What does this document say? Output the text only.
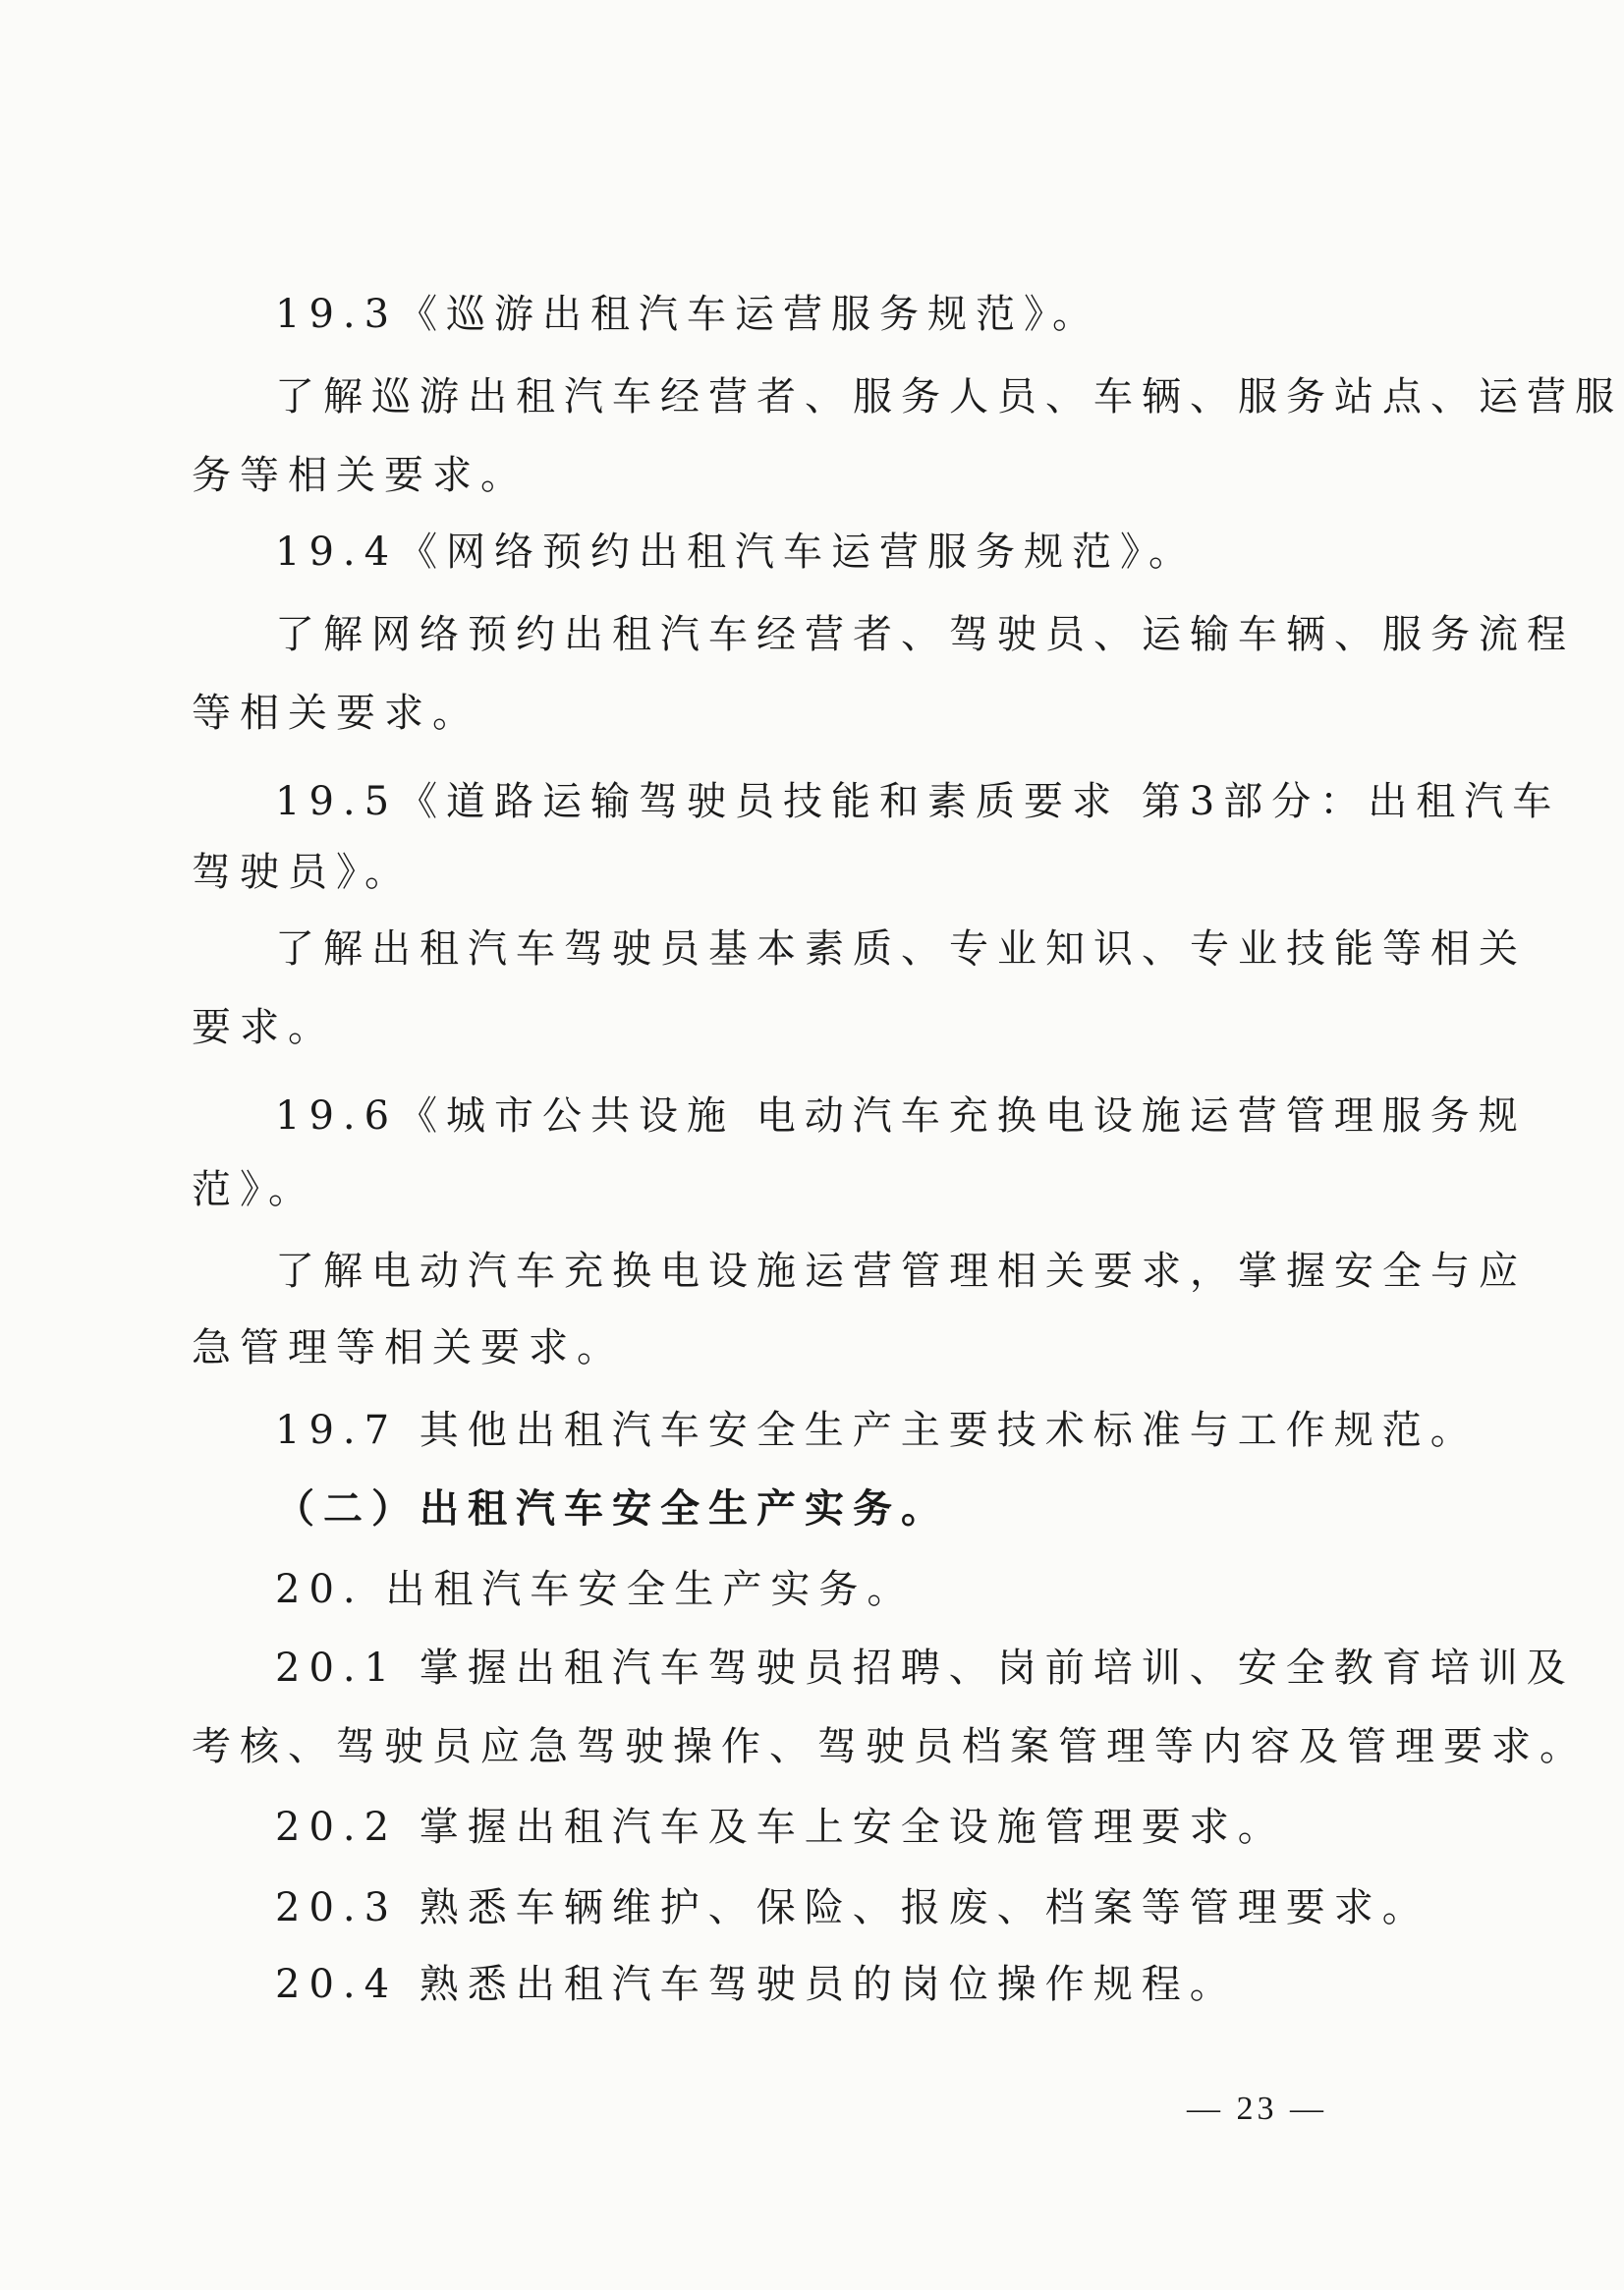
19.3《巡游出租汽车运营服务规范》。
了解巡游出租汽车经营者、服务人员、车辆、服务站点、运营服
务等相关要求。
19.4《网络预约出租汽车运营服务规范》。
了解网络预约出租汽车经营者、驾驶员、运输车辆、服务流程
等相关要求。
19.5《道路运输驾驶员技能和素质要求 第3部分：出租汽车
驾驶员》。
了解出租汽车驾驶员基本素质、专业知识、专业技能等相关
要求。
19.6《城市公共设施 电动汽车充换电设施运营管理服务规
范》。
了解电动汽车充换电设施运营管理相关要求，掌握安全与应
急管理等相关要求。
19.7 其他出租汽车安全生产主要技术标准与工作规范。
（二）出租汽车安全生产实务。
20. 出租汽车安全生产实务。
20.1 掌握出租汽车驾驶员招聘、岗前培训、安全教育培训及
考核、驾驶员应急驾驶操作、驾驶员档案管理等内容及管理要求。
20.2 掌握出租汽车及车上安全设施管理要求。
20.3 熟悉车辆维护、保险、报废、档案等管理要求。
20.4 熟悉出租汽车驾驶员的岗位操作规程。
— 23 —
